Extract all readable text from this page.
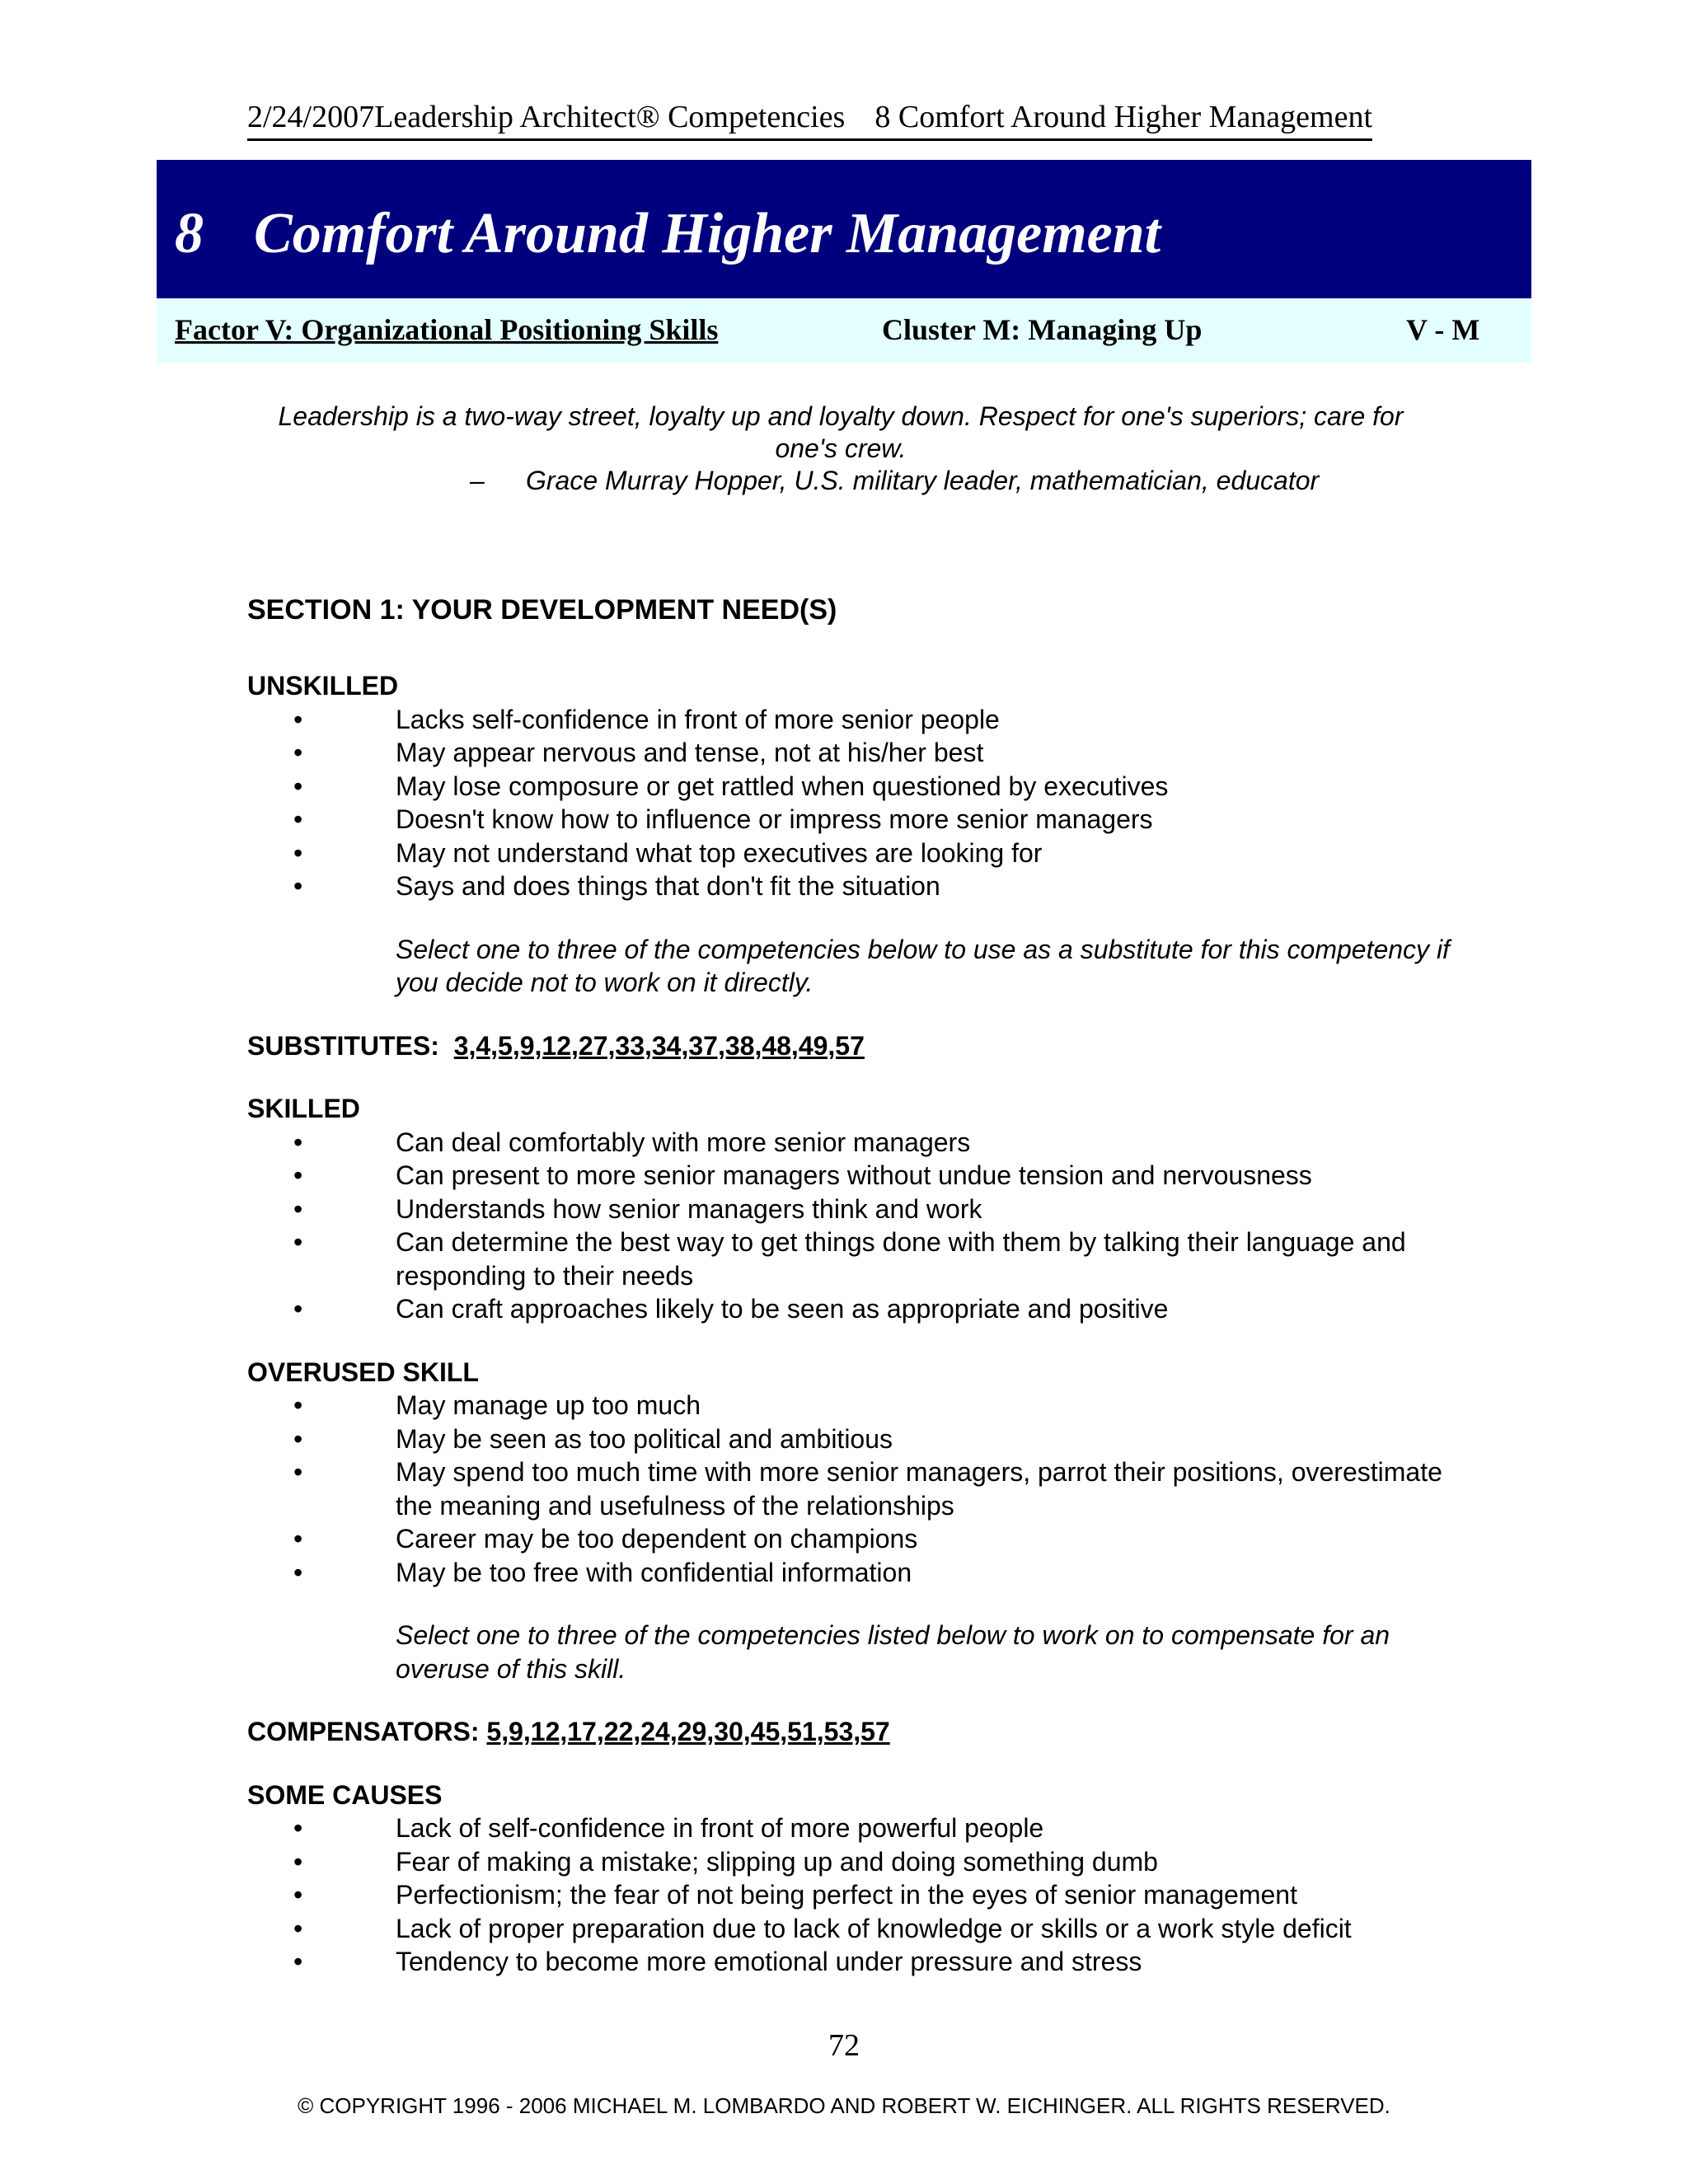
2/24/2007Leadership Architect® Competencies 8 Comfort Around Higher Management
8 Comfort Around Higher Management
Factor V: Organizational Positioning Skills	Cluster M: Managing Up	V - M
Leadership is a two-way street, loyalty up and loyalty down. Respect for one's superiors; care for one's crew.
– Grace Murray Hopper, U.S. military leader, mathematician, educator
SECTION 1: YOUR DEVELOPMENT NEED(S)
UNSKILLED
•	Lacks self-confidence in front of more senior people
•	May appear nervous and tense, not at his/her best
•	May lose composure or get rattled when questioned by executives
•	Doesn't know how to influence or impress more senior managers
•	May not understand what top executives are looking for
•	Says and does things that don't fit the situation
Select one to three of the competencies below to use as a substitute for this competency if you decide not to work on it directly.
SUBSTITUTES: 3,4,5,9,12,27,33,34,37,38,48,49,57
SKILLED
•	Can deal comfortably with more senior managers
•	Can present to more senior managers without undue tension and nervousness
•	Understands how senior managers think and work
•	Can determine the best way to get things done with them by talking their language and responding to their needs
•	Can craft approaches likely to be seen as appropriate and positive
OVERUSED SKILL
•	May manage up too much
•	May be seen as too political and ambitious
•	May spend too much time with more senior managers, parrot their positions, overestimate the meaning and usefulness of the relationships
•	Career may be too dependent on champions
•	May be too free with confidential information
Select one to three of the competencies listed below to work on to compensate for an overuse of this skill.
COMPENSATORS: 5,9,12,17,22,24,29,30,45,51,53,57
SOME CAUSES
•	Lack of self-confidence in front of more powerful people
•	Fear of making a mistake; slipping up and doing something dumb
•	Perfectionism; the fear of not being perfect in the eyes of senior management
•	Lack of proper preparation due to lack of knowledge or skills or a work style deficit
•	Tendency to become more emotional under pressure and stress
72
© COPYRIGHT 1996 - 2006 MICHAEL M. LOMBARDO AND ROBERT W. EICHINGER. ALL RIGHTS RESERVED.
